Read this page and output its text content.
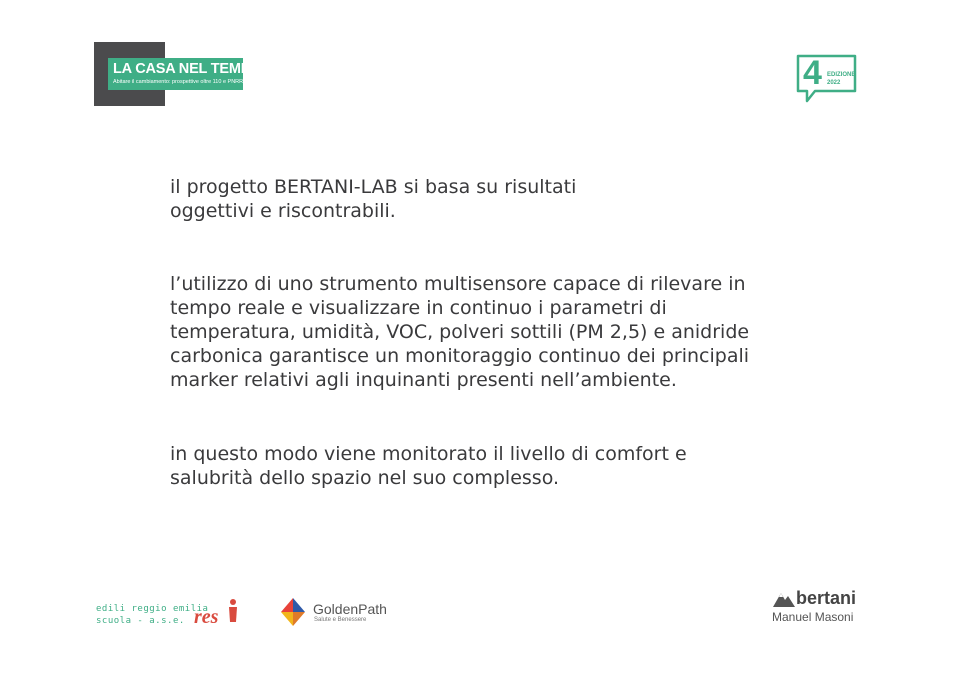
LA CASA NEL TEMPO
Abitare il cambiamento: prospettive oltre 110 e PNRR	4 EDIZIONE
2022

il progetto BERTANI-LAB si basa su risultati
oggettivi e riscontrabili.

l’utilizzo di uno strumento multisensore capace di rilevare in
tempo reale e visualizzare in continuo i parametri di
temperatura, umidità, VOC, polveri sottili (PM 2,5) e anidride
carbonica garantisce un monitoraggio continuo dei principali
marker relativi agli inquinanti presenti nell’ambiente.

in questo modo viene monitorato il livello di comfort e
salubrità dello spazio nel suo complesso.

edili reggio emilia
scuola - a.s.e. res	GoldenPath
Salute e Benessere
bertani
Manuel Masoni
